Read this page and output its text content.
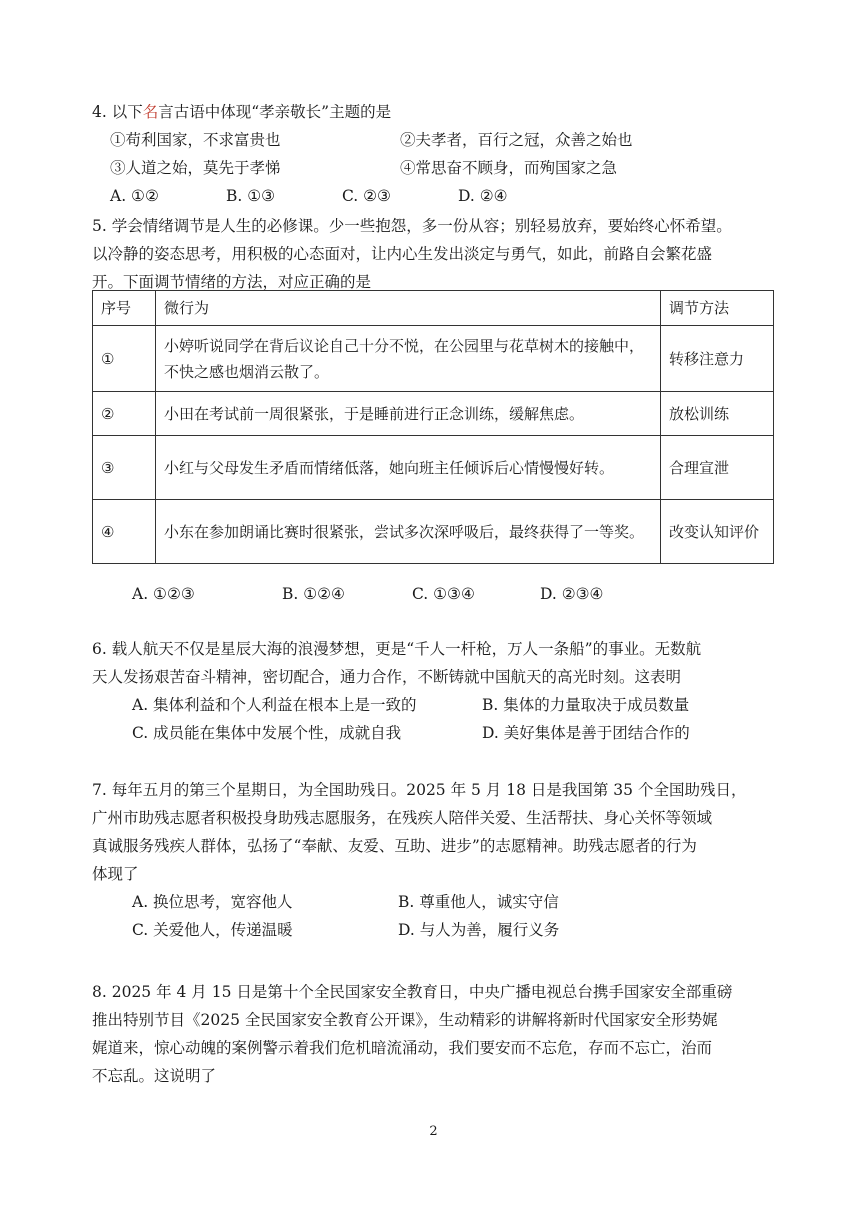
4. 以下名言古语中体现“孝亲敬长”主题的是
①苟利国家，不求富贵也	②夫孝者，百行之冠，众善之始也
③人道之始，莫先于孝悌	④常思奋不顾身，而殉国家之急
A. ①②	B. ①③	C. ②③	D. ②④
5. 学会情绪调节是人生的必修课。少一些抱怨，多一份从容；别轻易放弃，要始终心怀希望。
以冷静的姿态思考，用积极的心态面对，让内心生发出淡定与勇气，如此，前路自会繁花盛
开。下面调节情绪的方法，对应正确的是
序号	微行为	调节方法
①	小婷听说同学在背后议论自己十分不悦，在公园里与花草树木的接触中，不快之感也烟消云散了。	转移注意力
②	小田在考试前一周很紧张，于是睡前进行正念训练，缓解焦虑。	放松训练
③	小红与父母发生矛盾而情绪低落，她向班主任倾诉后心情慢慢好转。	合理宣泄
④	小东在参加朗诵比赛时很紧张，尝试多次深呼吸后，最终获得了一等奖。	改变认知评价
A. ①②③	B. ①②④	C. ①③④	D. ②③④
6. 载人航天不仅是星辰大海的浪漫梦想，更是“千人一杆枪，万人一条船”的事业。无数航
天人发扬艰苦奋斗精神，密切配合，通力合作，不断铸就中国航天的高光时刻。这表明
A. 集体利益和个人利益在根本上是一致的	B. 集体的力量取决于成员数量
C. 成员能在集体中发展个性，成就自我	D. 美好集体是善于团结合作的
7. 每年五月的第三个星期日，为全国助残日。2025 年 5 月 18 日是我国第 35 个全国助残日，
广州市助残志愿者积极投身助残志愿服务，在残疾人陪伴关爱、生活帮扶、身心关怀等领域
真诚服务残疾人群体，弘扬了“奉献、友爱、互助、进步”的志愿精神。助残志愿者的行为
体现了
A. 换位思考，宽容他人	B. 尊重他人，诚实守信
C. 关爱他人，传递温暖	D. 与人为善，履行义务
8. 2025 年 4 月 15 日是第十个全民国家安全教育日，中央广播电视总台携手国家安全部重磅
推出特别节目《2025 全民国家安全教育公开课》，生动精彩的讲解将新时代国家安全形势娓
娓道来，惊心动魄的案例警示着我们危机暗流涌动，我们要安而不忘危，存而不忘亡，治而
不忘乱。这说明了
2
